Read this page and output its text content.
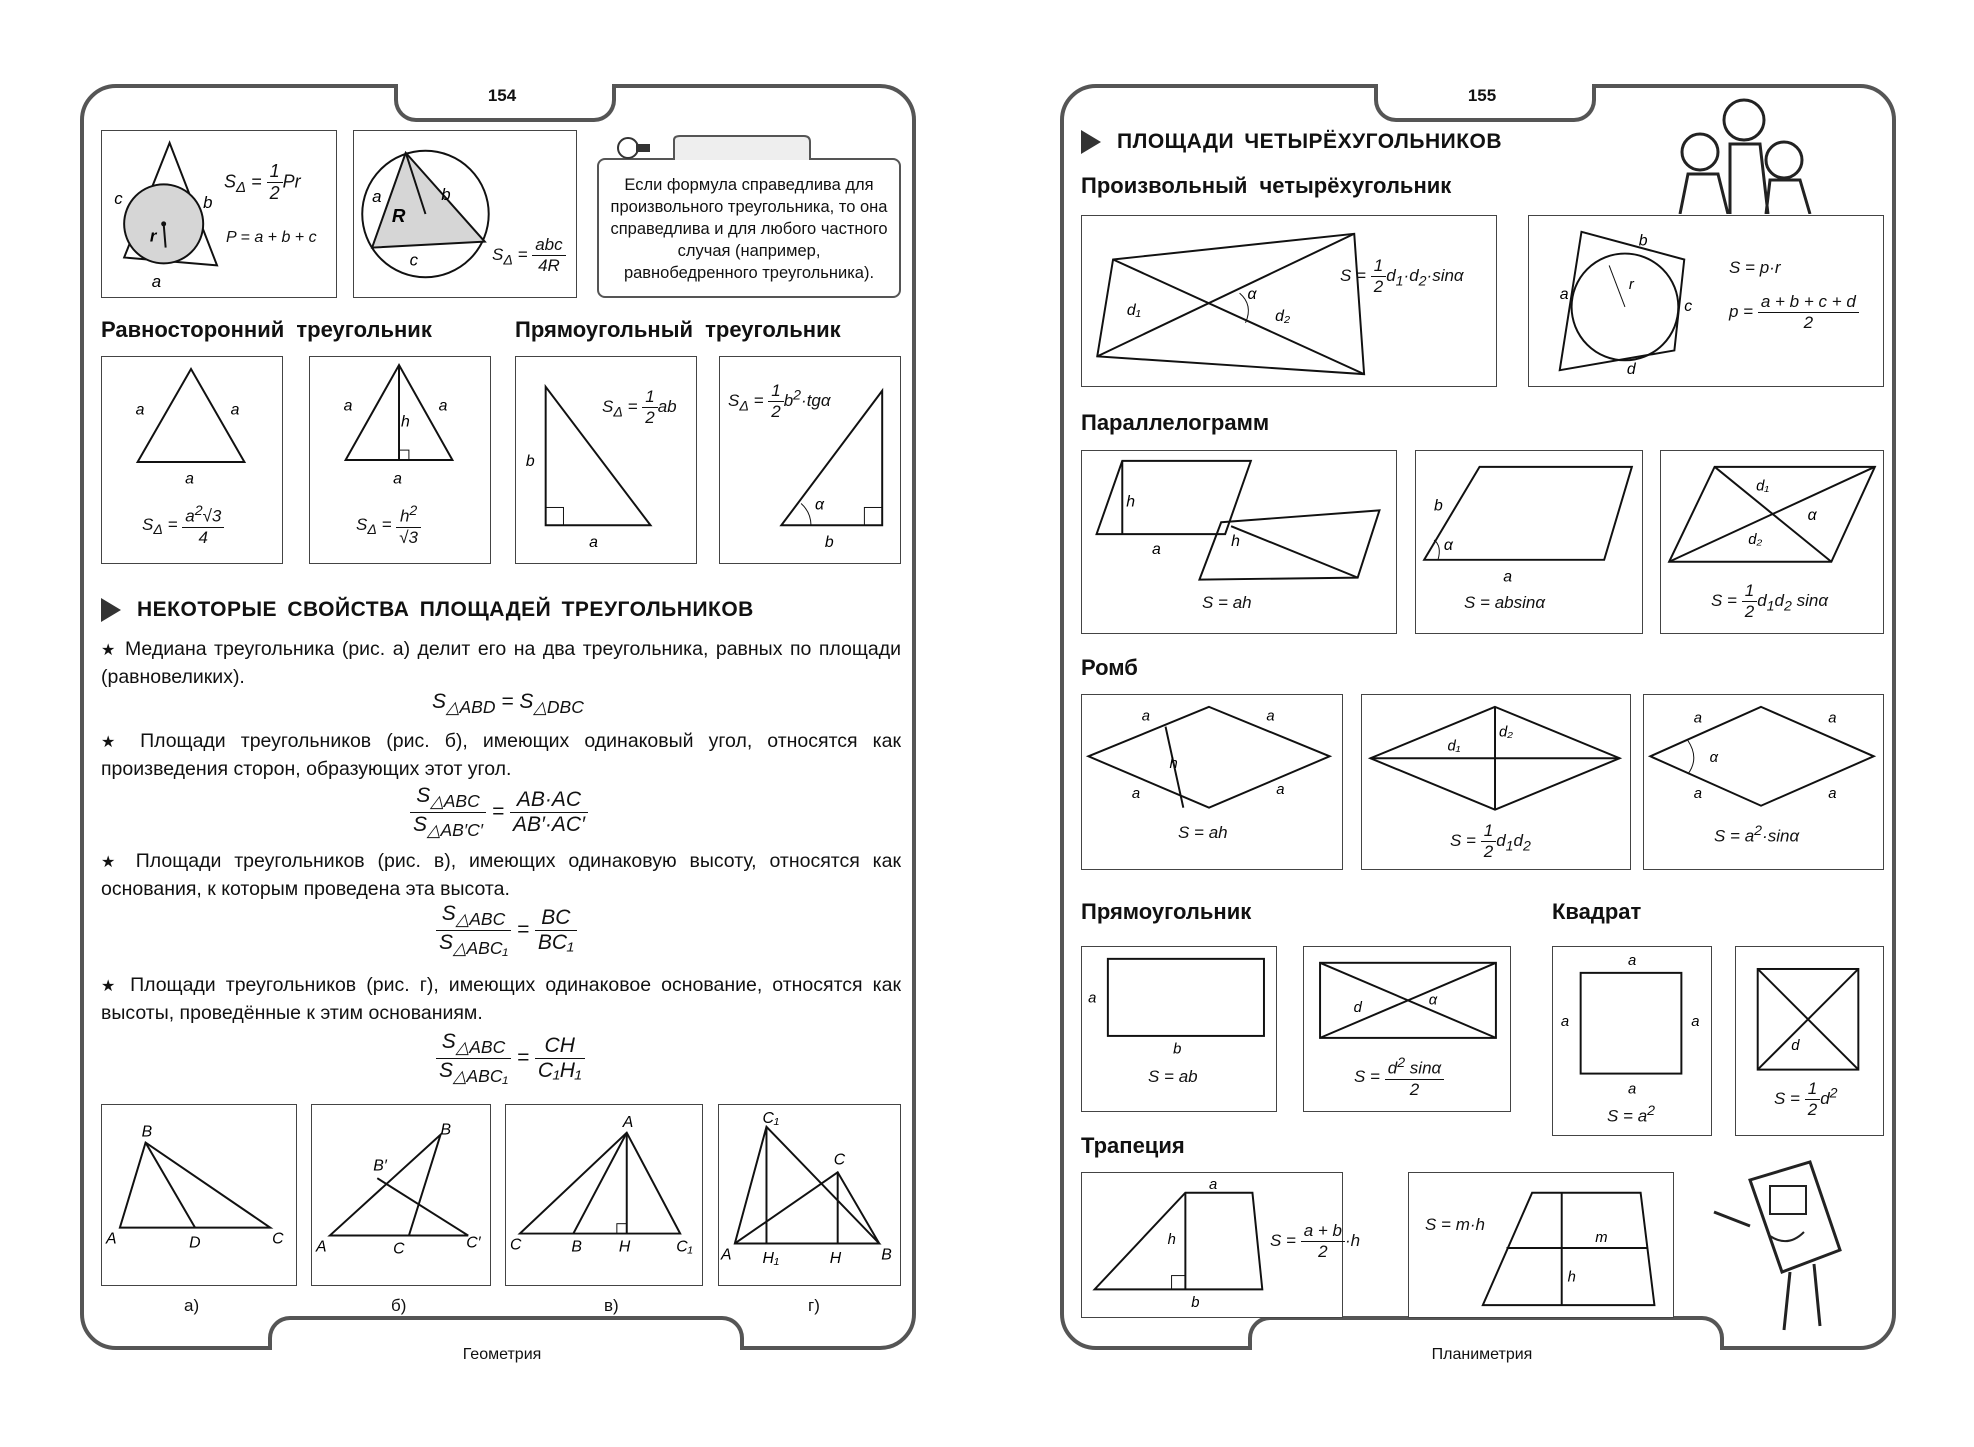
154
Геометрия
c	b
a
r
$S_\Delta = \frac{1}{2}$ Pr
P = a + b + c
a	b
c
R
$S_\Delta = \frac{\text{abc}}{4R}$
Если формула справедлива для произвольного треугольника, то она справедлива и для любого частного случая (например, равнобедренного треугольника).
Равносторонний треугольник	Прямоугольный треугольник
a	a
a
$S_\Delta = \frac{a^2√3}{4}$
a	a
h
a
$S_\Delta = \frac{h^2}{√3}$
b
a
$S_\Delta = \frac{1}{2}$ ab
α
b
$S_\Delta = \frac{1}{2} b^2\cdot tg\alpha$
НЕКОТОРЫЕ СВОЙСТВА ПЛОЩАДЕЙ ТРЕУГОЛЬНИКОВ
★ Медиана треугольника (рис. а) делит его на два треугольника, равных по площади (равновеликих).
$S_{\triangle ABD} = S_{\triangle DBC}$
★ Площади треугольников (рис. б), имеющих одинаковый угол, относятся как произведения сторон, образующих этот угол.
$\frac{S_{\triangle ABC}}{S_{\triangle AB'C'}} = \frac{AB\cdot AC}{AB'\cdot AC'}$
★ Площади треугольников (рис. в), имеющих одинаковую высоту, относятся как основания, к которым проведена эта высота.
$\frac{S_{\triangle ABC}}{S_{\triangle ABC_1}} = \frac{BC}{\text{BC₁}}$
★ Площади треугольников (рис. г), имеющих одинаковое основание, относятся как высоты, проведённые к этим основаниям.
$\frac{S_{\triangle ABC}}{S_{\triangle ABC_1}} = \frac{CH}{\text{C₁H₁}}$
B
A	D	C
B
B′
A	C	C′
A
C	B H	C₁
C₁
C
A H₁	H	B
а)	б)	в)	г)
155
Планиметрия
ПЛОЩАДИ ЧЕТЫРЁХУГОЛЬНИКОВ
Произвольный четырёхугольник
α
d₁	d₂
$S = \frac{1}{2} d_1\cdot d_2\cdot\sin\alpha$
b
a
c
d
r
S = p·r
$p = \frac{a + b + c + d}{2}$
Параллелограмм
h
a	h
S = ah
b
α
a
S = absinα
d₁
d₂
α
$S = \frac{1}{2} d_1d_2$ sinα
Ромб
a	a
a	a
h
S = ah
d₁
d₂
$S = \frac{1}{2} d_1d_2$
a	a
a	a
α
$S = a^2\cdot\sin\alpha$
Прямоугольник	Квадрат
a
b
S = ab
d	α
$S = \frac{d^2 \sin\alpha}{2}$
a
a	a
a
$S = a^2$
d
$S = \frac{1}{2} d^2$
Трапеция
a
h
b
$S = \frac{a + b}{2} \cdot h$	m
h
S = m·h
